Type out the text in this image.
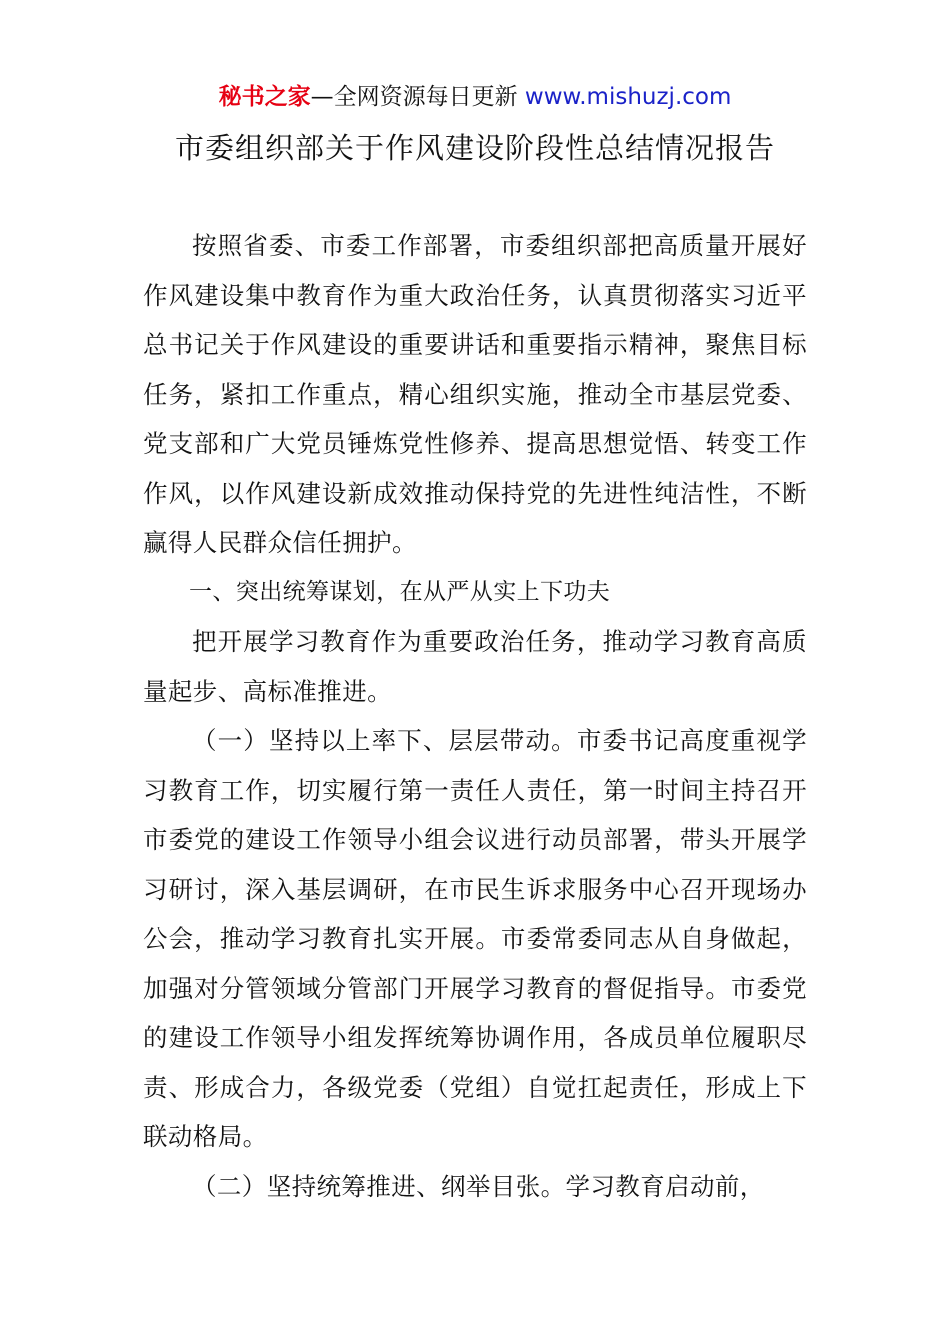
秘书之家—全网资源每日更新 www.mishuzj.com
市委组织部关于作风建设阶段性总结情况报告

按照省委、市委工作部署，市委组织部把高质量开展好作风建设集中教育作为重大政治任务，认真贯彻落实习近平总书记关于作风建设的重要讲话和重要指示精神，聚焦目标任务，紧扣工作重点，精心组织实施，推动全市基层党委、党支部和广大党员锤炼党性修养、提高思想觉悟、转变工作作风，以作风建设新成效推动保持党的先进性纯洁性，不断赢得人民群众信任拥护。

一、突出统筹谋划，在从严从实上下功夫

把开展学习教育作为重要政治任务，推动学习教育高质量起步、高标准推进。

（一）坚持以上率下、层层带动。市委书记高度重视学习教育工作，切实履行第一责任人责任，第一时间主持召开市委党的建设工作领导小组会议进行动员部署，带头开展学习研讨，深入基层调研，在市民生诉求服务中心召开现场办公会，推动学习教育扎实开展。市委常委同志从自身做起，加强对分管领域分管部门开展学习教育的督促指导。市委党的建设工作领导小组发挥统筹协调作用，各成员单位履职尽责、形成合力，各级党委（党组）自觉扛起责任，形成上下联动格局。

（二）坚持统筹推进、纲举目张。学习教育启动前，
